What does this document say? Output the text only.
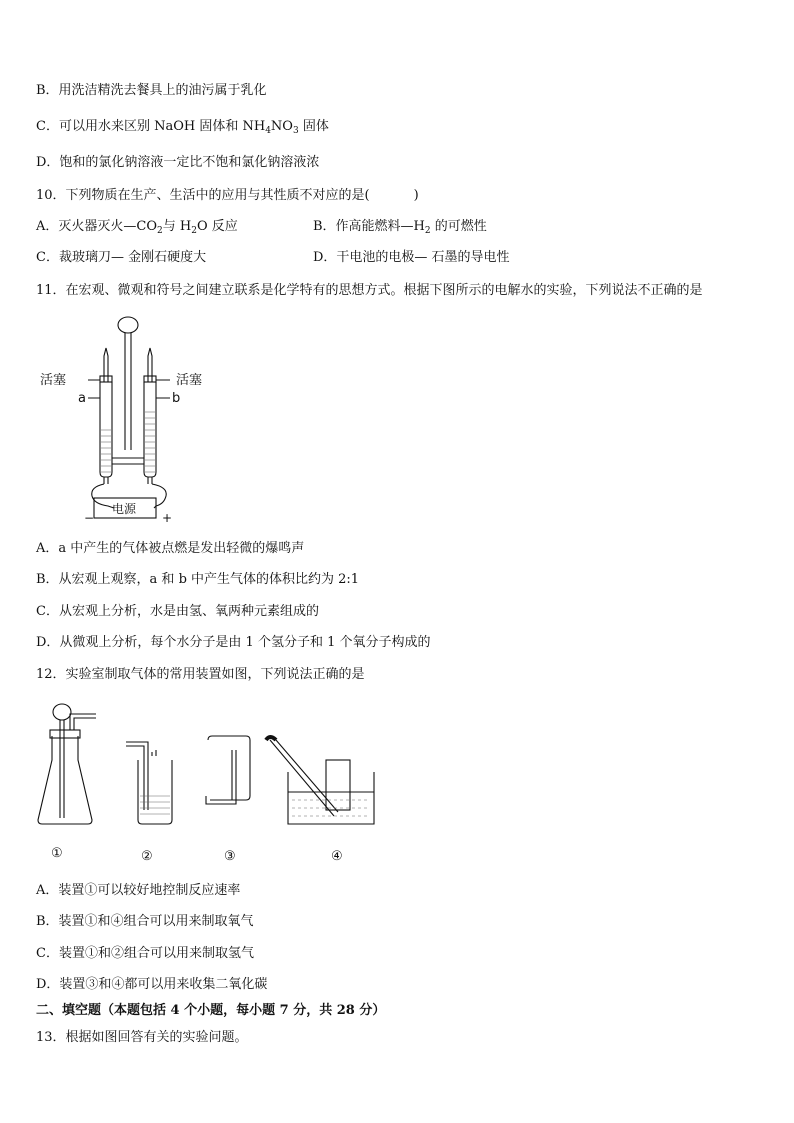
B．用洗洁精洗去餐具上的油污属于乳化
C．可以用水来区别 NaOH 固体和 $NH_4NO_3$ 固体
D．饱和的氯化钠溶液一定比不饱和氯化钠溶液浓
10．下列物质在生产、生活中的应用与其性质不对应的是(	)
A．灭火器灭火$—CO_2$与 $H_2O$ 反应	B．作高能燃料$—H_2$ 的可燃性
C．裁玻璃刀— 金刚石硬度大	D．干电池的电极— 石墨的导电性
11．在宏观、微观和符号之间建立联系是化学特有的思想方式。根据下图所示的电解水的实验，下列说法不正确的是
活塞	活塞
a	b
电源
−	+
A．a 中产生的气体被点燃是发出轻微的爆鸣声
B．从宏观上观察，a 和 b 中产生气体的体积比约为 2:1
C．从宏观上分析，水是由氢、氧两种元素组成的
D．从微观上分析，每个水分子是由 1 个氢分子和 1 个氧分子构成的
12．实验室制取气体的常用装置如图，下列说法正确的是
①	②	③	④
A．装置①可以较好地控制反应速率
B．装置①和④组合可以用来制取氧气
C．装置①和②组合可以用来制取氢气
D．装置③和④都可以用来收集二氧化碳
二、填空题（本题包括 4 个小题，每小题 7 分，共 28 分）
13．根据如图回答有关的实验问题。
